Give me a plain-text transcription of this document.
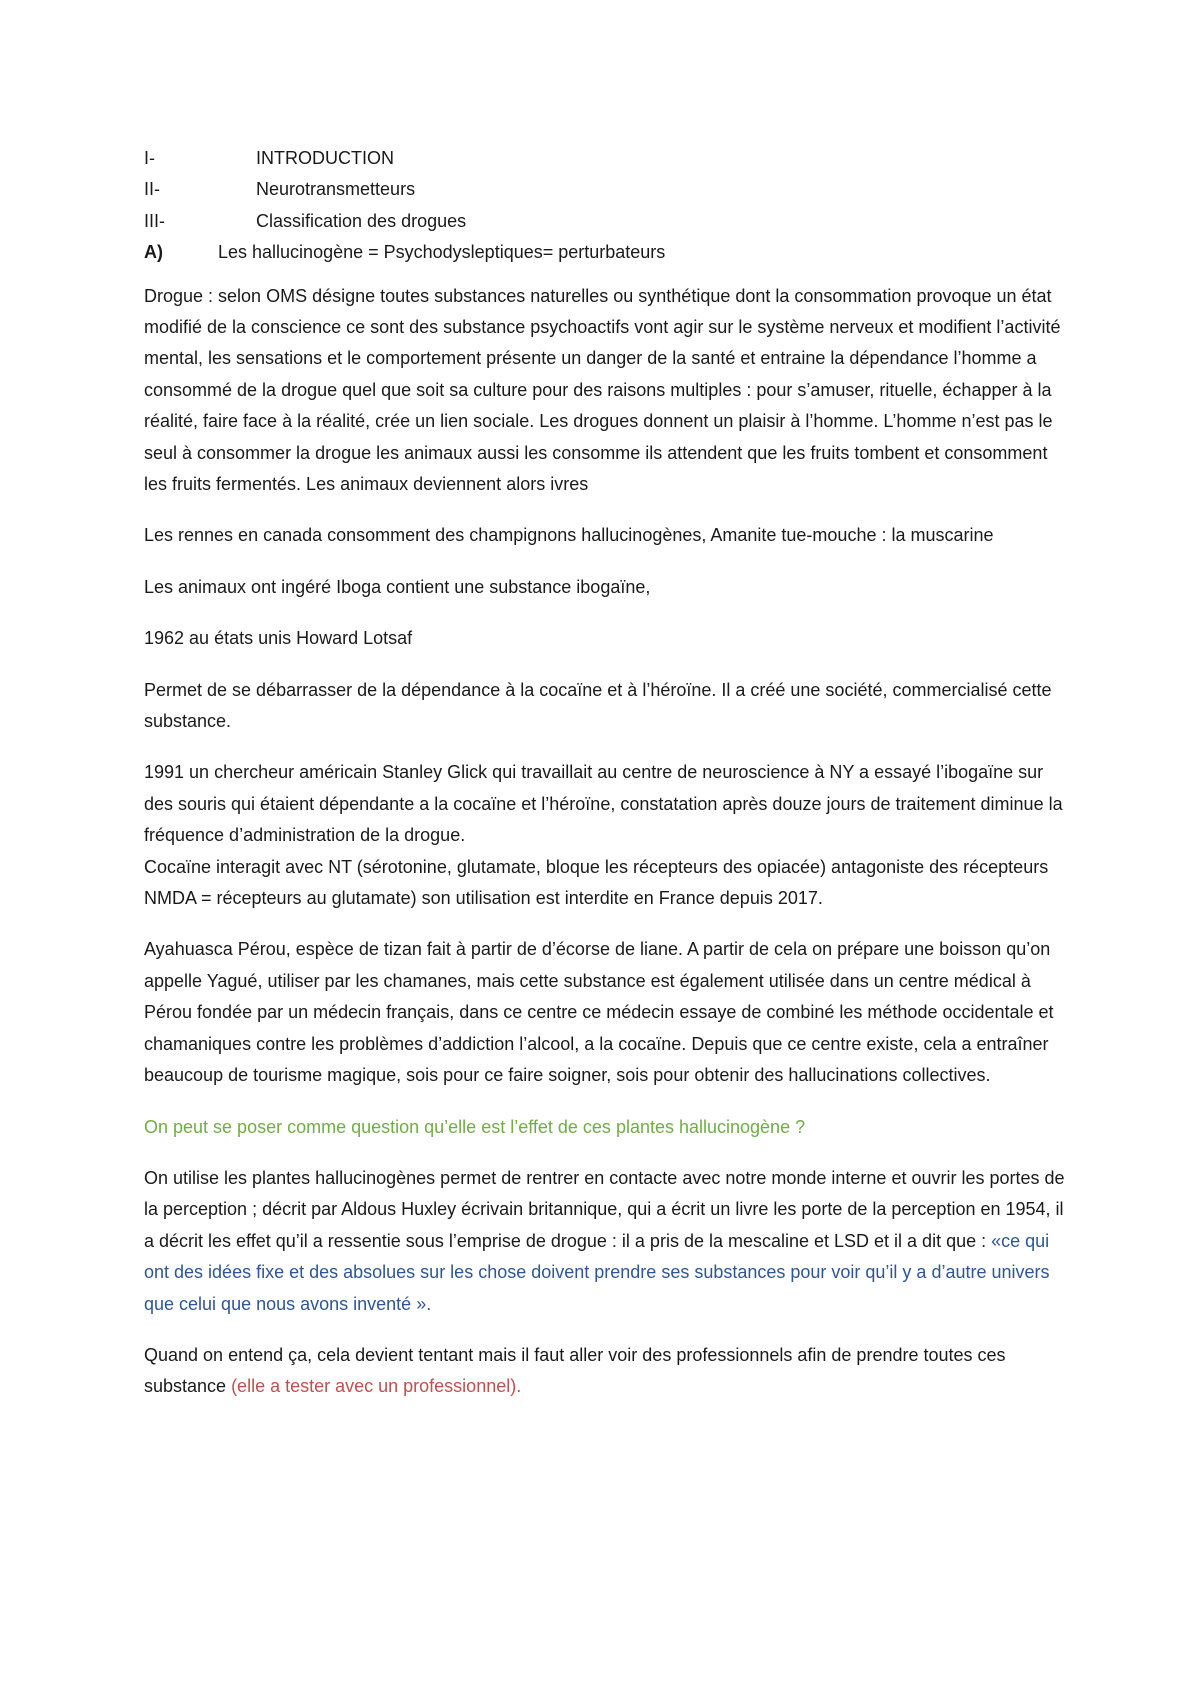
I-	INTRODUCTION
II-	Neurotransmetteurs
III-	Classification des drogues
A)	Les hallucinogène = Psychodysleptiques= perturbateurs

Drogue : selon OMS désigne toutes substances naturelles ou synthétique dont la consommation provoque un état modifié de la conscience ce sont des substance psychoactifs vont agir sur le système nerveux et modifient l’activité mental, les sensations et le comportement présente un danger de la santé et entraine la dépendance l’homme a consommé de la drogue quel que soit sa culture pour des raisons multiples : pour s’amuser, rituelle, échapper à la réalité, faire face à la réalité, crée un lien sociale. Les drogues donnent un plaisir à l’homme. L’homme n’est pas le seul à consommer la drogue les animaux aussi les consomme ils attendent que les fruits tombent et consomment les fruits fermentés. Les animaux deviennent alors ivres

Les rennes en canada consomment des champignons hallucinogènes, Amanite tue-mouche : la muscarine

Les animaux ont ingéré Iboga contient une substance ibogaïne,

1962 au états unis Howard Lotsaf

Permet de se débarrasser de la dépendance à la cocaïne et à l’héroïne. Il a créé une société, commercialisé cette substance.

1991 un chercheur américain Stanley Glick qui travaillait au centre de neuroscience à NY a essayé l’ibogaïne sur des souris qui étaient dépendante a la cocaïne et l’héroïne, constatation après douze jours de traitement diminue la fréquence d’administration de la drogue.

Cocaïne interagit avec NT (sérotonine, glutamate, bloque les récepteurs des opiacée) antagoniste des récepteurs NMDA = récepteurs au glutamate) son utilisation est interdite en France depuis 2017.

Ayahuasca Pérou, espèce de tizan fait à partir de d’écorse de liane. A partir de cela on prépare une boisson qu’on appelle Yagué, utiliser par les chamanes, mais cette substance est également utilisée dans un centre médical à Pérou fondée par un médecin français, dans ce centre ce médecin essaye de combiné les méthode occidentale et chamaniques contre les problèmes d’addiction l’alcool, a la cocaïne. Depuis que ce centre existe, cela a entraîner beaucoup de tourisme magique, sois pour ce faire soigner, sois pour obtenir des hallucinations collectives.

On peut se poser comme question qu’elle est l’effet de ces plantes hallucinogène ?

On utilise les plantes hallucinogènes permet de rentrer en contacte avec notre monde interne et ouvrir les portes de la perception ; décrit par Aldous Huxley écrivain britannique, qui a écrit un livre les porte de la perception en 1954, il a décrit les effet qu’il a ressentie sous l’emprise de drogue : il a pris de la mescaline et LSD et il a dit que : «ce qui ont des idées fixe et des absolues sur les chose doivent prendre ses substances pour voir qu’il y a d’autre univers que celui que nous avons inventé ».

Quand on entend ça, cela devient tentant mais il faut aller voir des professionnels afin de prendre toutes ces substance (elle a tester avec un professionnel).
